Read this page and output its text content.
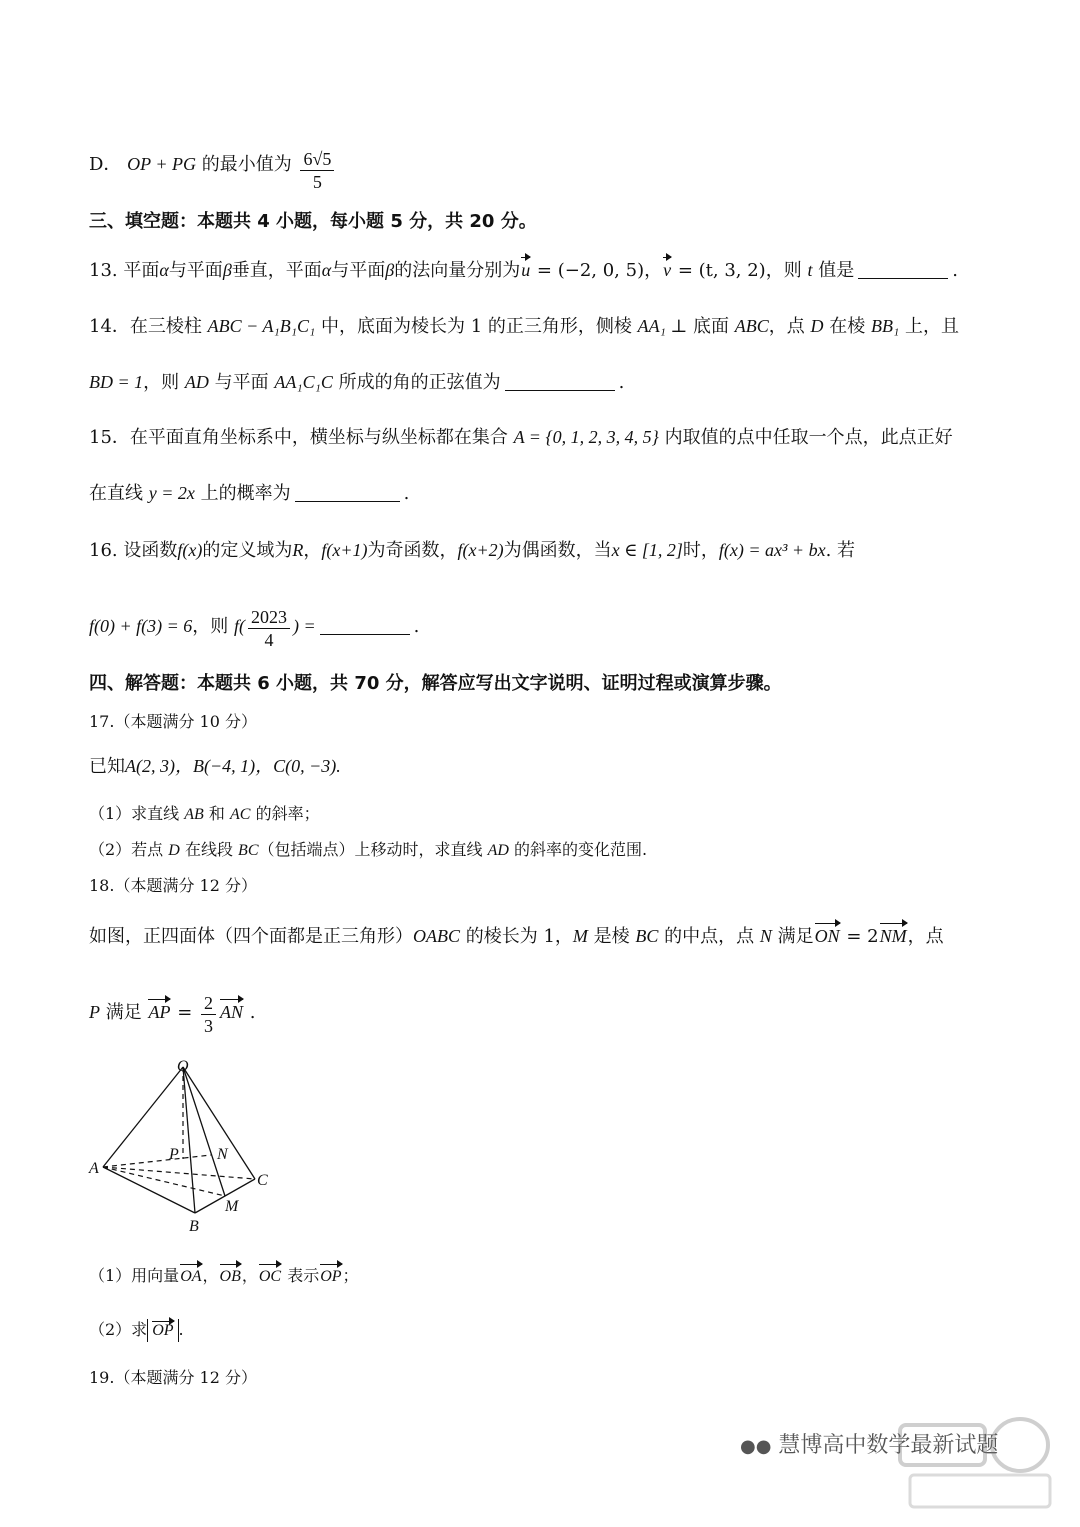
D． OP + PG 的最小值为 $\frac{6√5}{5}$
三、填空题：本题共 4 小题，每小题 5 分，共 20 分。
13. 平面α与平面β垂直，平面α与平面β的法向量分别为u = (−2, 0, 5)，v = (t, 3, 2)，则 t 值是	.
14．在三棱柱 ABC − A₁B₁C₁ 中，底面为棱长为 1 的正三角形，侧棱 AA₁ ⊥ 底面 ABC，点 D 在棱 BB₁ 上，且
BD = 1，则 AD 与平面 AA₁C₁C 所成的角的正弦值为	.
15．在平面直角坐标系中，横坐标与纵坐标都在集合 A = {0, 1, 2, 3, 4, 5} 内取值的点中任取一个点，此点正好
在直线 y = 2x 上的概率为	.
16. 设函数f(x)的定义域为R，f(x+1)为奇函数，f(x+2)为偶函数，当x ∈ [1, 2]时，f(x) = ax³ + bx. 若
f(0) + f(3) = 6，则 $f( \frac{2023}{4}$ ) =	.
四、解答题：本题共 6 小题，共 70 分，解答应写出文字说明、证明过程或演算步骤。
17.（本题满分 10 分）
已知A(2, 3)，B(−4, 1)，C(0, −3).
（1）求直线 AB 和 AC 的斜率；
（2）若点 D 在线段 BC（包括端点）上移动时，求直线 AD 的斜率的变化范围.
18.（本题满分 12 分）
如图，正四面体（四个面都是正三角形）OABC 的棱长为 1，M 是棱 BC 的中点，点 N 满足ON = 2NM，点
P 满足 AP = $\frac{2}{3}$ AN .
O
A
B
C
P N
M
（1）用向量OA，OB，OC 表示OP；
（2）求 OP .
19.（本题满分 12 分）
●● 慧博高中数学最新试题
